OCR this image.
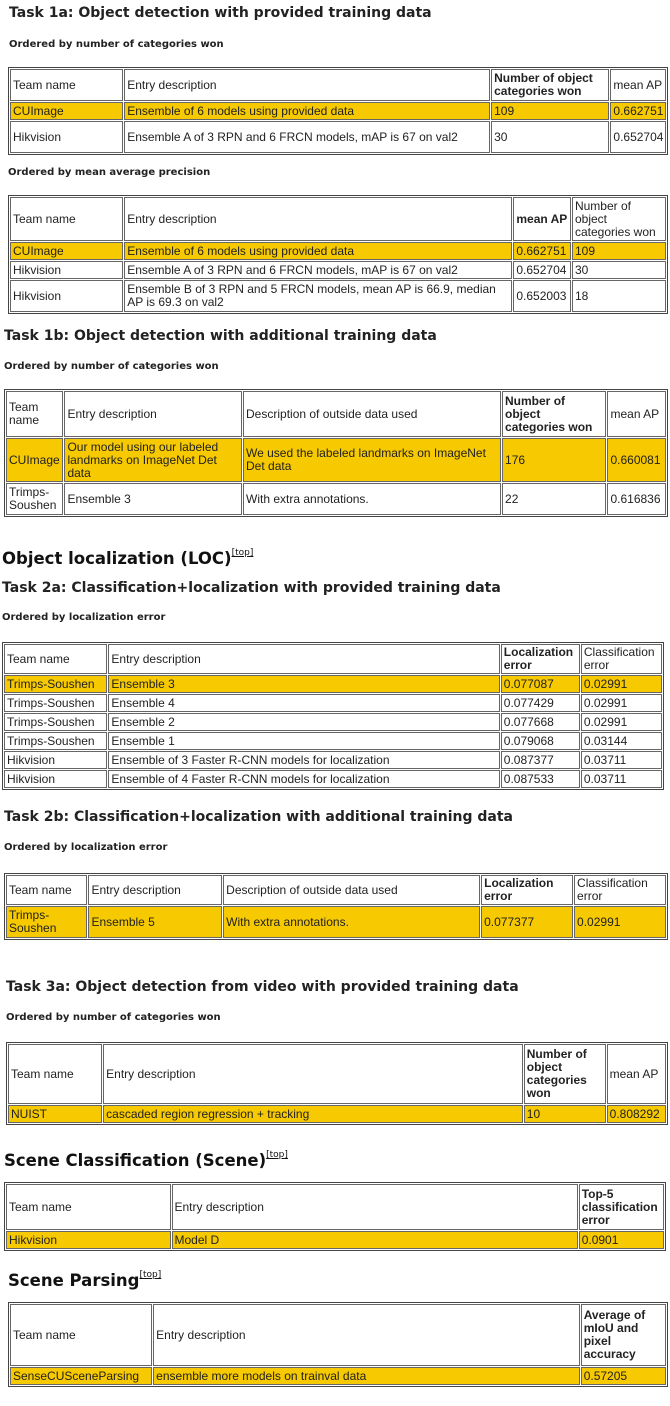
Task 1a: Object detection with provided training data
Ordered by number of categories won
Team name	Entry description	Number of object categories won	mean AP
CUImage	Ensemble of 6 models using provided data	109	0.662751
Hikvision	Ensemble A of 3 RPN and 6 FRCN models, mAP is 67 on val2	30	0.652704
Ordered by mean average precision
Team name	Entry description	mean AP	Number of object categories won
CUImage	Ensemble of 6 models using provided data	0.662751	109
Hikvision	Ensemble A of 3 RPN and 6 FRCN models, mAP is 67 on val2	0.652704	30
Hikvision	Ensemble B of 3 RPN and 5 FRCN models, mean AP is 66.9, median AP is 69.3 on val2	0.652003	18
Task 1b: Object detection with additional training data
Ordered by number of categories won
Team name	Entry description	Description of outside data used	Number of object categories won	mean AP
CUImage	Our model using our labeled landmarks on ImageNet Det data	We used the labeled landmarks on ImageNet Det data	176	0.660081
Trimps-Soushen	Ensemble 3	With extra annotations.	22	0.616836
Object localization (LOC)[top]
Task 2a: Classification+localization with provided training data
Ordered by localization error
Team name	Entry description	Localization error	Classification error
Trimps-Soushen	Ensemble 3	0.077087	0.02991
Trimps-Soushen	Ensemble 4	0.077429	0.02991
Trimps-Soushen	Ensemble 2	0.077668	0.02991
Trimps-Soushen	Ensemble 1	0.079068	0.03144
Hikvision	Ensemble of 3 Faster R-CNN models for localization	0.087377	0.03711
Hikvision	Ensemble of 4 Faster R-CNN models for localization	0.087533	0.03711
Task 2b: Classification+localization with additional training data
Ordered by localization error
Team name	Entry description	Description of outside data used	Localization error	Classification error
Trimps-Soushen	Ensemble 5	With extra annotations.	0.077377	0.02991
Task 3a: Object detection from video with provided training data
Ordered by number of categories won
Team name	Entry description	Number of object categories won	mean AP
NUIST	cascaded region regression + tracking	10	0.808292
Scene Classification (Scene)[top]
Team name	Entry description	Top-5 classification error
Hikvision	Model D	0.0901
Scene Parsing[top]
Team name	Entry description	Average of mIoU and pixel accuracy
SenseCUSceneParsing	ensemble more models on trainval data	0.57205
